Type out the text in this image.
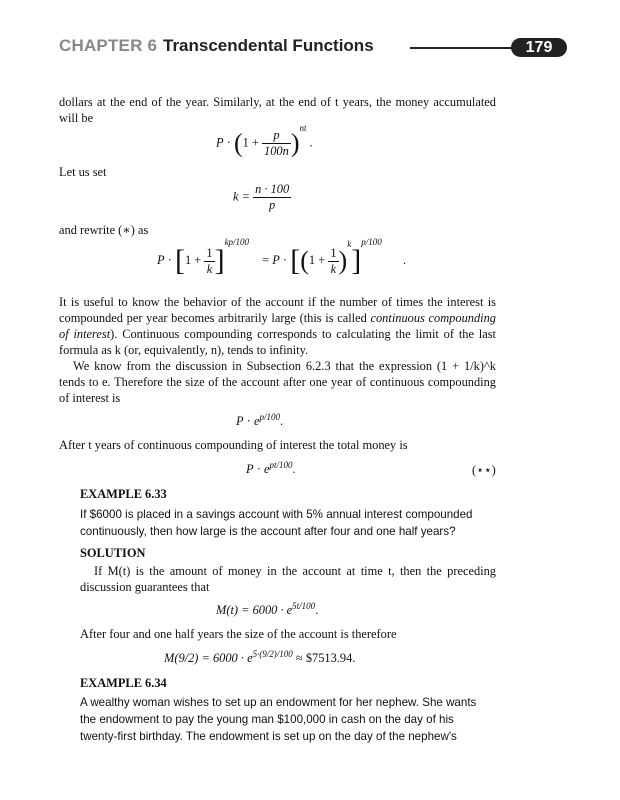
CHAPTER 6 Transcendental Functions	179
dollars at the end of the year. Similarly, at the end of t years, the money accumulated will be
$P \cdot (1 + \frac{p}{100n} )^{nt}$ .
Let us set
$k = \frac{n \cdot 100}{p}$
and rewrite (∗) as
$P \cdot [1 + \frac{1}{k} ]^{kp/100} = P \cdot [(1 + \frac{1}{k} )^k]^{p/100}$ .
It is useful to know the behavior of the account if the number of times the interest is compounded per year becomes arbitrarily large (this is called continuous compounding of interest). Continuous compounding corresponds to calculating the limit of the last formula as k (or, equivalently, n), tends to infinity.
We know from the discussion in Subsection 6.2.3 that the expression (1 + 1/k)^k tends to e. Therefore the size of the account after one year of continuous compounding of interest is
$P \cdot e^{p/100}$.
After t years of continuous compounding of interest the total money is
$P \cdot e^{pt/100}$.	(⋆⋆)
EXAMPLE 6.33
If $6000 is placed in a savings account with 5% annual interest compounded continuously, then how large is the account after four and one half years?
SOLUTION
If M(t) is the amount of money in the account at time t, then the preceding discussion guarantees that
$M(t) = 6000 \cdot e^{5t/100}$.
After four and one half years the size of the account is therefore
$M(9/2) = 6000 \cdot e^{5\cdot(9/2)/100}$ ≈ $7513.94.
EXAMPLE 6.34
A wealthy woman wishes to set up an endowment for her nephew. She wants the endowment to pay the young man $100,000 in cash on the day of his twenty-first birthday. The endowment is set up on the day of the nephew's
